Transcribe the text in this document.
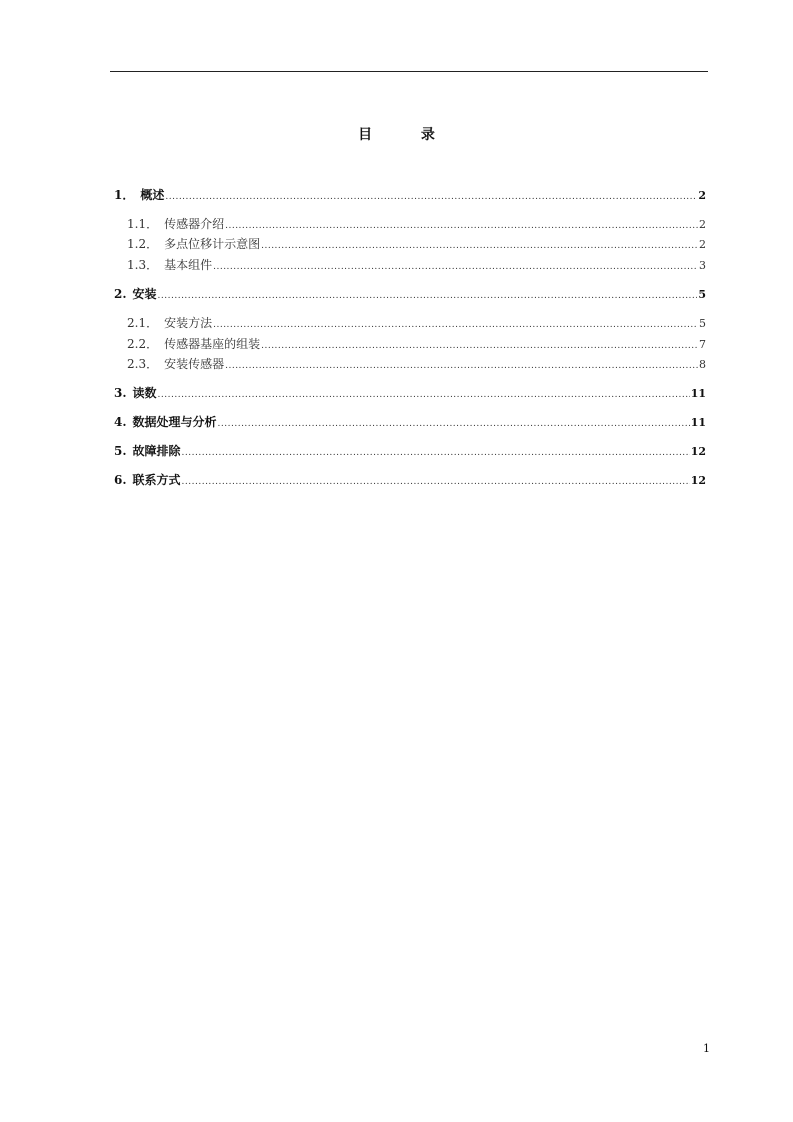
目 录
1． 概述 .....	2
1.1． 传感器介绍 .....	2
1.2． 多点位移计示意图 .....	2
1.3． 基本组件 .....	3
2. 安装 .....	5
2.1． 安装方法 .....	5
2.2． 传感器基座的组装 .....	7
2.3． 安装传感器 .....	8
3. 读数 .....	11
4. 数据处理与分析 .....	11
5. 故障排除 .....	12
6. 联系方式 .....	12
1
